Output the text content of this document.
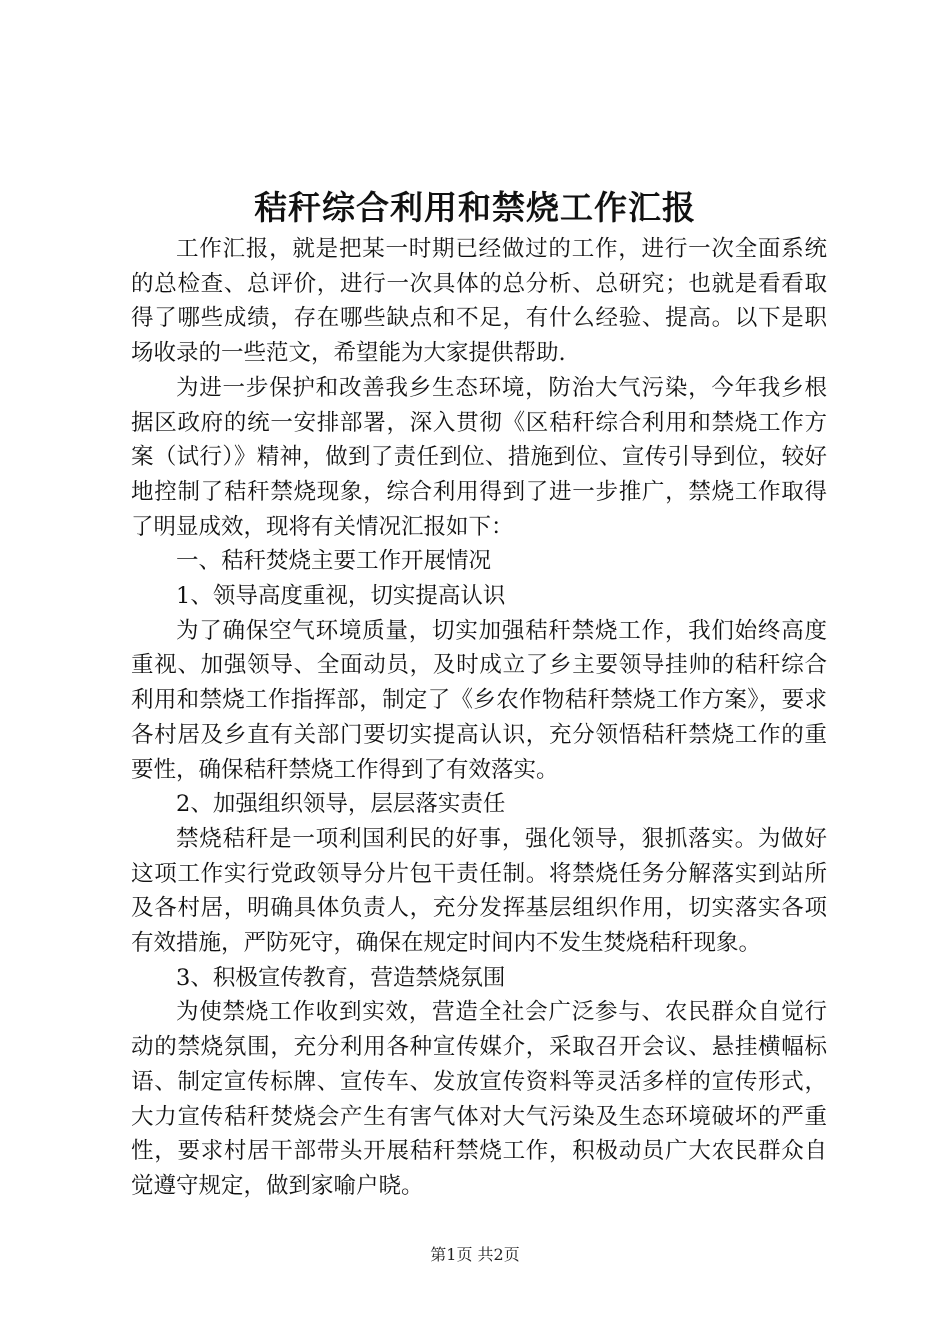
秸秆综合利用和禁烧工作汇报

工作汇报，就是把某一时期已经做过的工作，进行一次全面系统的总检查、总评价，进行一次具体的总分析、总研究；也就是看看取得了哪些成绩，存在哪些缺点和不足，有什么经验、提高。以下是职场收录的一些范文，希望能为大家提供帮助.

为进一步保护和改善我乡生态环境，防治大气污染，今年我乡根据区政府的统一安排部署，深入贯彻《区秸秆综合利用和禁烧工作方案（试行）》精神，做到了责任到位、措施到位、宣传引导到位，较好地控制了秸秆禁烧现象，综合利用得到了进一步推广，禁烧工作取得了明显成效，现将有关情况汇报如下：

一、秸秆焚烧主要工作开展情况

1、领导高度重视，切实提高认识

为了确保空气环境质量，切实加强秸秆禁烧工作，我们始终高度重视、加强领导、全面动员，及时成立了乡主要领导挂帅的秸秆综合利用和禁烧工作指挥部，制定了《乡农作物秸秆禁烧工作方案》，要求各村居及乡直有关部门要切实提高认识，充分领悟秸秆禁烧工作的重要性，确保秸秆禁烧工作得到了有效落实。

2、加强组织领导，层层落实责任

禁烧秸秆是一项利国利民的好事，强化领导，狠抓落实。为做好这项工作实行党政领导分片包干责任制。将禁烧任务分解落实到站所及各村居，明确具体负责人，充分发挥基层组织作用，切实落实各项有效措施，严防死守，确保在规定时间内不发生焚烧秸秆现象。

3、积极宣传教育，营造禁烧氛围

为使禁烧工作收到实效，营造全社会广泛参与、农民群众自觉行动的禁烧氛围，充分利用各种宣传媒介，采取召开会议、悬挂横幅标语、制定宣传标牌、宣传车、发放宣传资料等灵活多样的宣传形式，大力宣传秸秆焚烧会产生有害气体对大气污染及生态环境破坏的严重性，要求村居干部带头开展秸秆禁烧工作，积极动员广大农民群众自觉遵守规定，做到家喻户晓。

第1页 共2页
